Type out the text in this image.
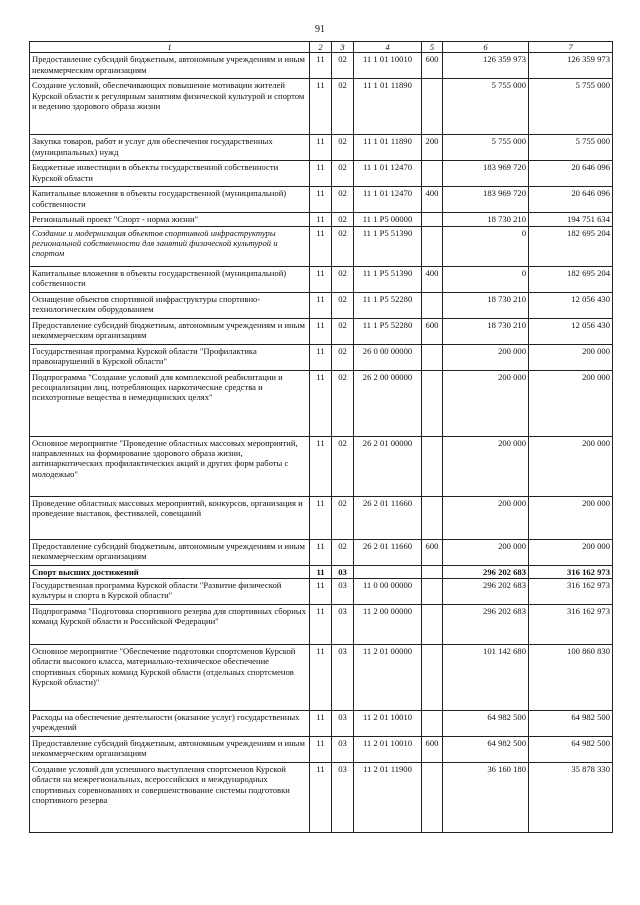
91
1	2	3	4	5	6	7
Предоставление субсидий бюджетным, автономным учреждениям и иным некоммерческим организациям	11	02	11 1 01 10010	600	126 359 973	126 359 973
Создание условий, обеспечивающих повышение мотивации жителей Курской области к регулярным занятиям физической культурой и спортом и ведению здорового образа жизни	11	02	11 1 01 11890		5 755 000	5 755 000
Закупка товаров, работ и услуг для обеспечения государственных (муниципальных) нужд	11	02	11 1 01 11890	200	5 755 000	5 755 000
Бюджетные инвестиции в объекты государственной собственности Курской области	11	02	11 1 01 12470		183 969 720	20 646 096
Капитальные вложения в объекты государственной (муниципальной) собственности	11	02	11 1 01 12470	400	183 969 720	20 646 096
Региональный проект "Спорт - норма жизни"	11	02	11 1 P5 00000		18 730 210	194 751 634
Создание и модернизация объектов спортивной инфраструктуры региональной собственности для занятий физической культурой и спортом	11	02	11 1 P5 51390		0	182 695 204
Капитальные вложения в объекты государственной (муниципальной) собственности	11	02	11 1 P5 51390	400	0	182 695 204
Оснащение объектов спортивной инфраструктуры спортивно-технологическим оборудованием	11	02	11 1 P5 52280		18 730 210	12 056 430
Предоставление субсидий бюджетным, автономным учреждениям и иным некоммерческим организациям	11	02	11 1 P5 52280	600	18 730 210	12 056 430
Государственная программа Курской области "Профилактика правонарушений в Курской области"	11	02	26 0 00 00000		200 000	200 000
Подпрограмма "Создание условий для комплексной реабилитации и ресоциализации лиц, потребляющих наркотические средства и психотропные вещества в немедицинских целях"	11	02	26 2 00 00000		200 000	200 000
Основное мероприятие "Проведение областных массовых мероприятий, направленных на формирование здорового образа жизни, антинаркотических профилактических акций и других форм работы с молодежью"	11	02	26 2 01 00000		200 000	200 000
Проведение областных массовых мероприятий, конкурсов, организация и проведение выставок, фестивалей, совещаний	11	02	26 2 01 11660		200 000	200 000
Предоставление субсидий бюджетным, автономным учреждениям и иным некоммерческим организациям	11	02	26 2 01 11660	600	200 000	200 000
Спорт высших достижений	11	03			296 202 683	316 162 973
Государственная программа Курской области "Развитие физической культуры и спорта в Курской области"	11	03	11 0 00 00000		296 202 683	316 162 973
Подпрограмма "Подготовка спортивного резерва для спортивных сборных команд Курской области и Российской Федерации"	11	03	11 2 00 00000		296 202 683	316 162 973
Основное мероприятие "Обеспечение подготовки спортсменов Курской области высокого класса, материально-техническое обеспечение спортивных сборных команд Курской области (отдельных спортсменов Курской области)"	11	03	11 2 01 00000		101 142 680	100 860 830
Расходы на обеспечение деятельности (оказание услуг) государственных учреждений	11	03	11 2 01 10010		64 982 500	64 982 500
Предоставление субсидий бюджетным, автономным учреждениям и иным некоммерческим организациям	11	03	11 2 01 10010	600	64 982 500	64 982 500
Создание условий для успешного выступления спортсменов Курской области на межрегиональных, всероссийских и международных спортивных соревнованиях и совершенствование системы подготовки спортивного резерва	11	03	11 2 01 11900		36 160 180	35 878 330
